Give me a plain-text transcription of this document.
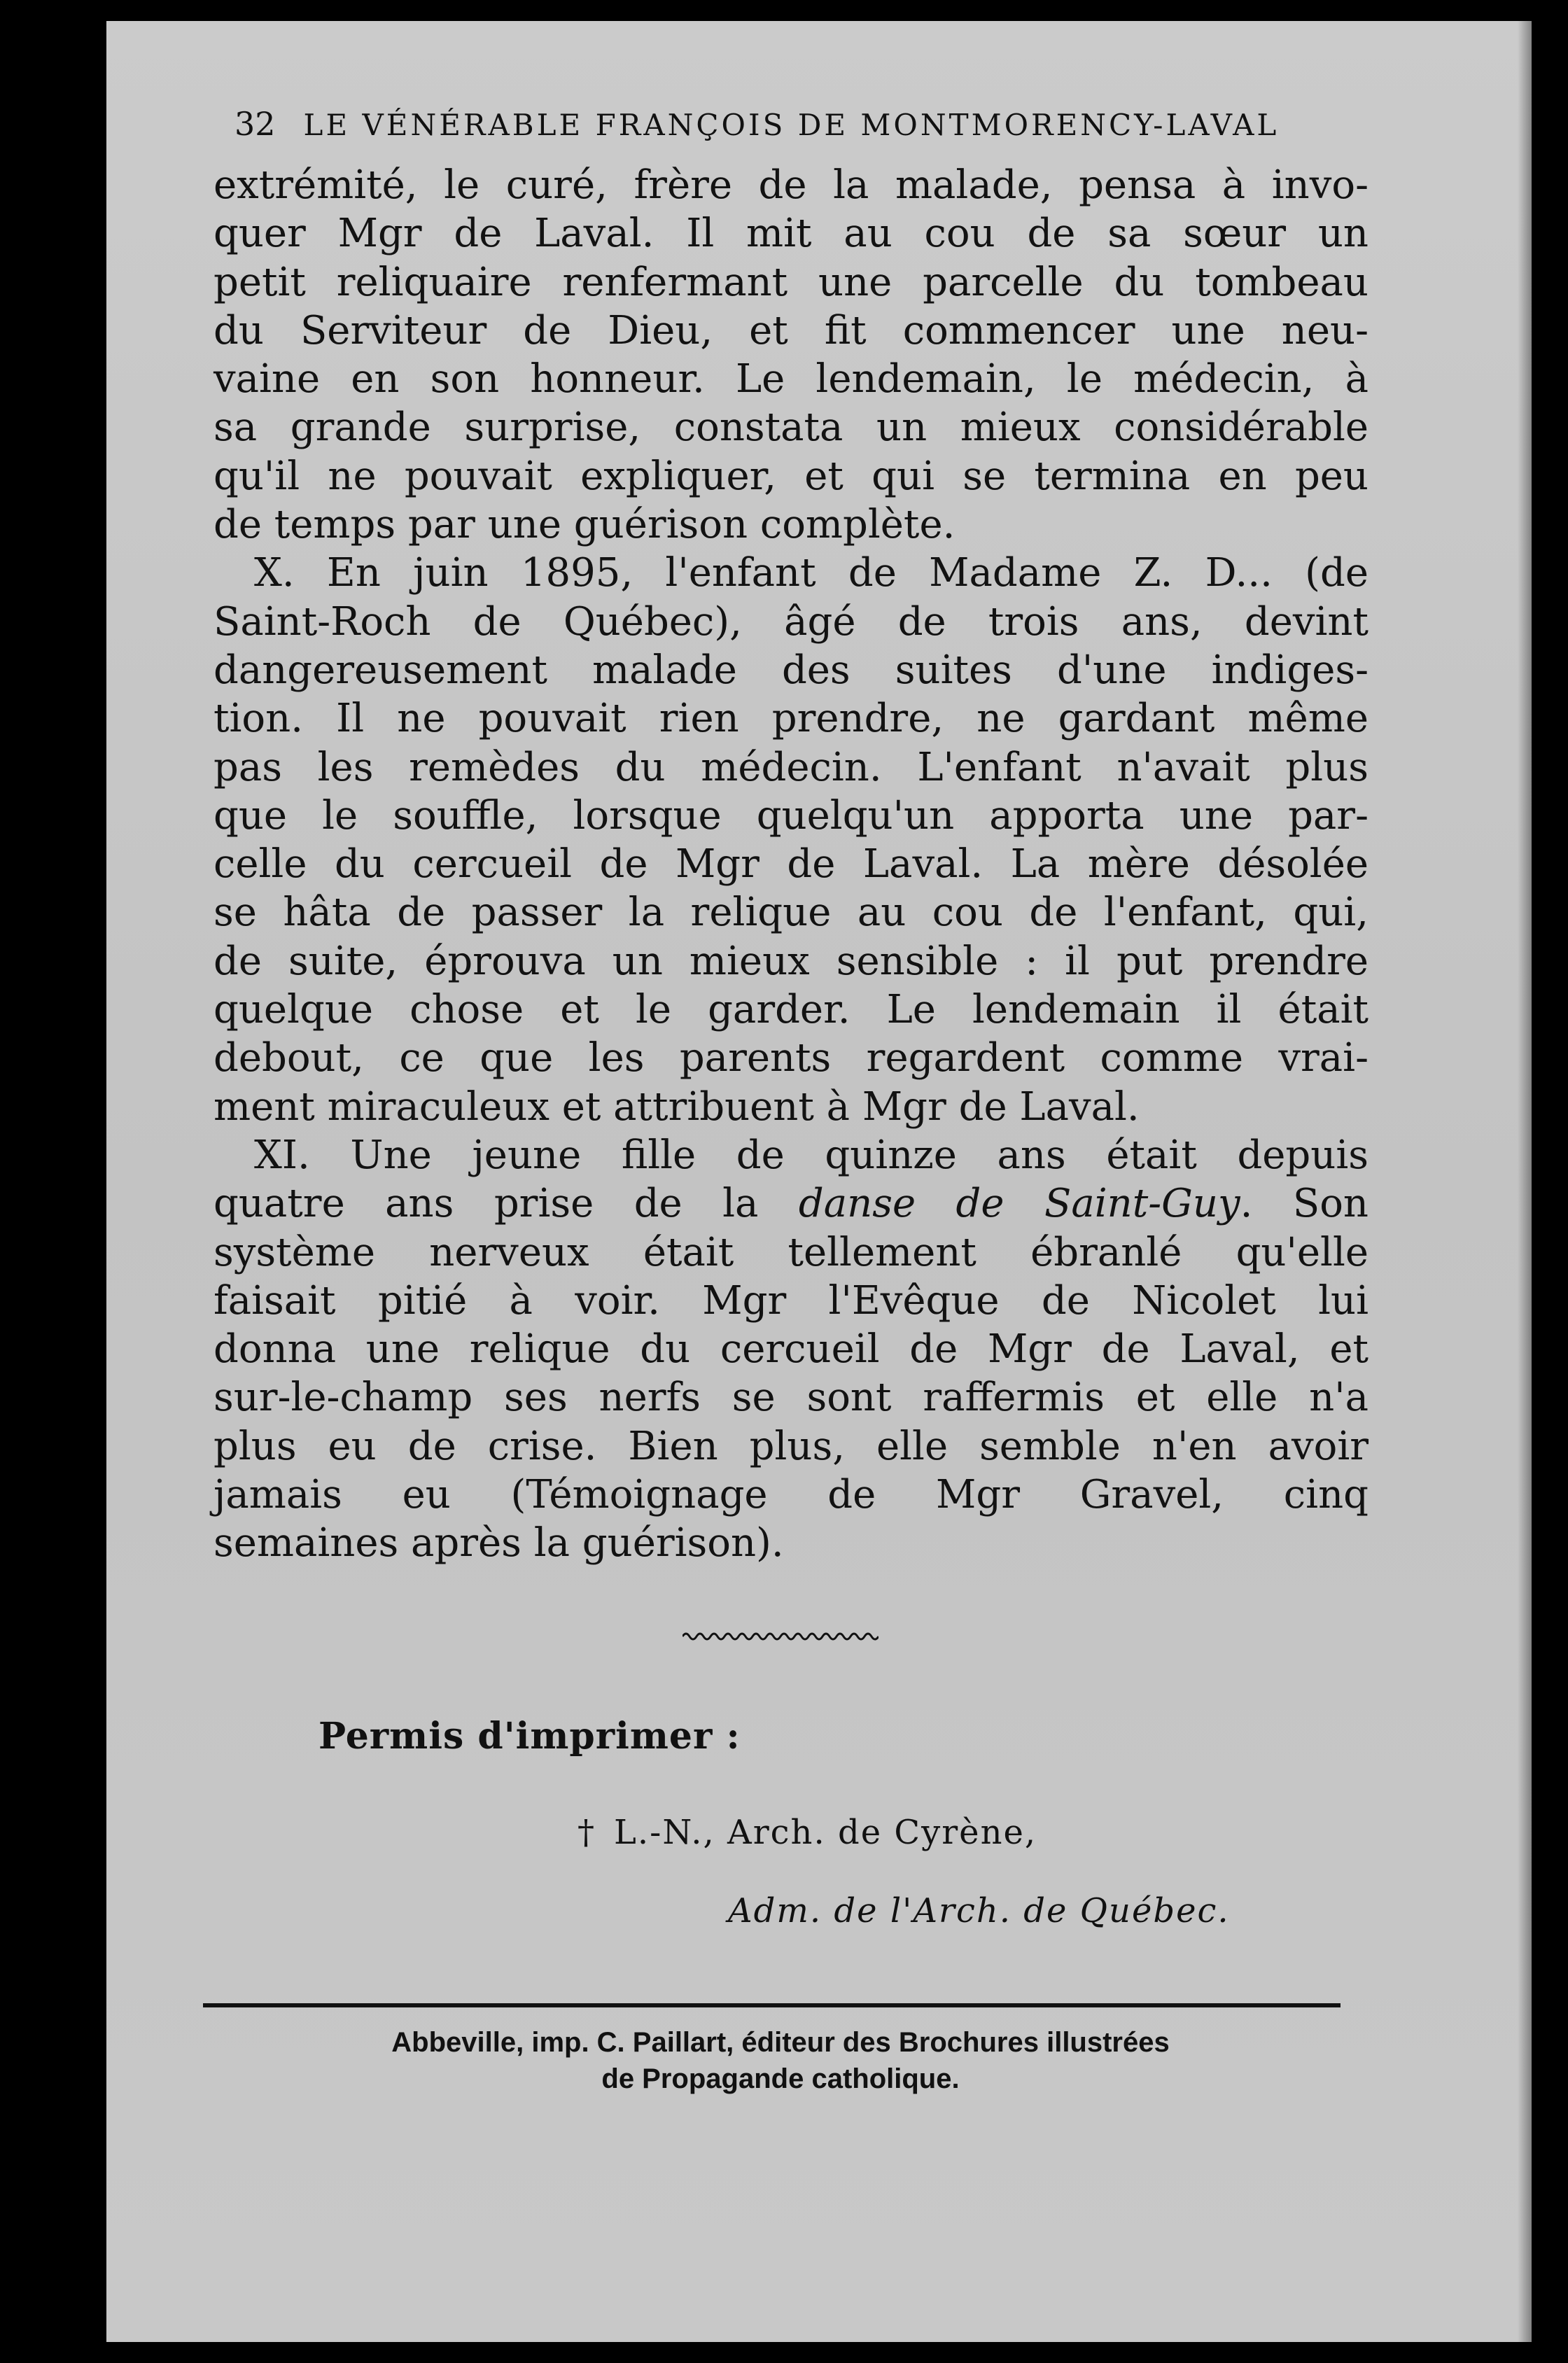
32 LE VÉNÉRABLE FRANÇOIS DE MONTMORENCY-LAVAL
extrémité, le curé, frère de la malade, pensa à invo-
quer Mgr de Laval. Il mit au cou de sa sœur un
petit reliquaire renfermant une parcelle du tombeau
du Serviteur de Dieu, et fit commencer une neu-
vaine en son honneur. Le lendemain, le médecin, à
sa grande surprise, constata un mieux considérable
qu'il ne pouvait expliquer, et qui se termina en peu
de temps par une guérison complète.
X. En juin 1895, l'enfant de Madame Z. D... (de
Saint-Roch de Québec), âgé de trois ans, devint
dangereusement malade des suites d'une indiges-
tion. Il ne pouvait rien prendre, ne gardant même
pas les remèdes du médecin. L'enfant n'avait plus
que le souffle, lorsque quelqu'un apporta une par-
celle du cercueil de Mgr de Laval. La mère désolée
se hâta de passer la relique au cou de l'enfant, qui,
de suite, éprouva un mieux sensible : il put prendre
quelque chose et le garder. Le lendemain il était
debout, ce que les parents regardent comme vrai-
ment miraculeux et attribuent à Mgr de Laval.
XI. Une jeune fille de quinze ans était depuis
quatre ans prise de la danse de Saint-Guy. Son
système nerveux était tellement ébranlé qu'elle
faisait pitié à voir. Mgr l'Evêque de Nicolet lui
donna une relique du cercueil de Mgr de Laval, et
sur-le-champ ses nerfs se sont raffermis et elle n'a
plus eu de crise. Bien plus, elle semble n'en avoir
jamais eu (Témoignage de Mgr Gravel, cinq
semaines après la guérison).
Permis d'imprimer :
† L.-N., Arch. de Cyrène,
Adm. de l'Arch. de Québec.
Abbeville, imp. C. Paillart, éditeur des Brochures illustrées
de Propagande catholique.
